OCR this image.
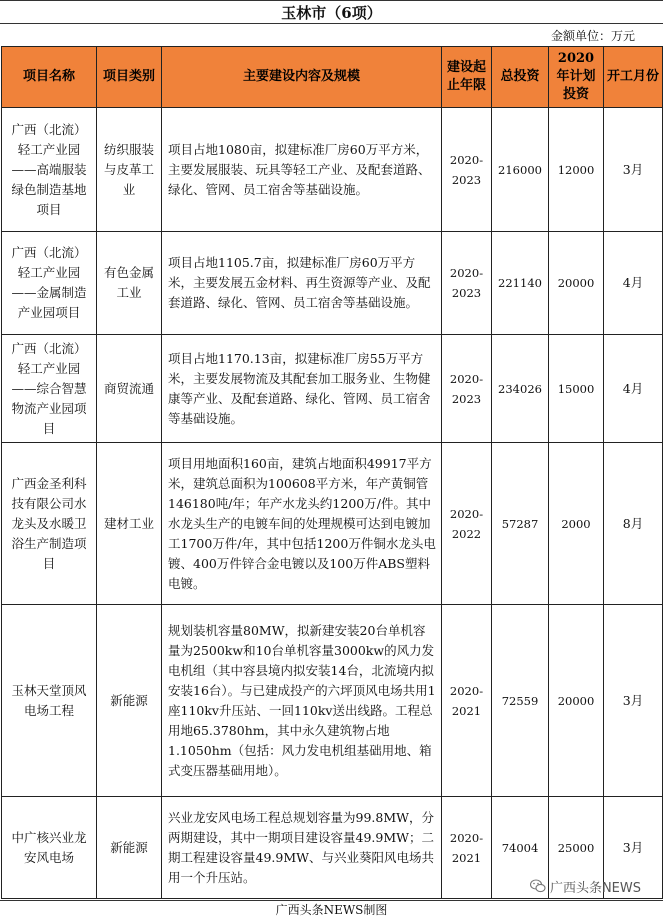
玉林市（6项）
金额单位：万元
项目名称	项目类别	主要建设内容及规模	建设起止年限	总投资	2020年计划投资	开工月份
广西（北流）轻工产业园——高端服装绿色制造基地项目	纺织服装与皮革工业	项目占地1080亩，拟建标准厂房60万平方米，主要发展服装、玩具等轻工产业、及配套道路、绿化、管网、员工宿舍等基础设施。	2020-2023	216000	12000	3月
广西（北流）轻工产业园——金属制造产业园项目	有色金属工业	项目占地1105.7亩，拟建标准厂房60万平方米，主要发展五金材料、再生资源等产业、及配套道路、绿化、管网、员工宿舍等基础设施。	2020-2023	221140	20000	4月
广西（北流）轻工产业园——综合智慧物流产业园项目	商贸流通	项目占地1170.13亩，拟建标准厂房55万平方米，主要发展物流及其配套加工服务业、生物健康等产业、及配套道路、绿化、管网、员工宿舍等基础设施。	2020-2023	234026	15000	4月
广西金圣利科技有限公司水龙头及水暖卫浴生产制造项目	建材工业	项目用地面积160亩，建筑占地面积49917平方米，建筑总面积为100608平方米，年产黄铜管146180吨/年；年产水龙头约1200万/件。其中水龙头生产的电镀车间的处理规模可达到电镀加工1700万件/年，其中包括1200万件铜水龙头电镀、400万件锌合金电镀以及100万件ABS塑料电镀。	2020-2022	57287	2000	8月
玉林天堂顶风电场工程	新能源	规划装机容量80MW，拟新建安装20台单机容量为2500kw和10台单机容量3000kw的风力发电机组（其中容县境内拟安装14台，北流境内拟安装16台）。与已建成投产的六坪顶风电场共用1座110kv升压站、一回110kv送出线路。工程总用地65.3780hm，其中永久建筑物占地1.1050hm（包括：风力发电机组基础用地、箱式变压器基础用地）。	2020-2021	72559	20000	3月
中广核兴业龙安风电场	新能源	兴业龙安风电场工程总规划容量为99.8MW，分两期建设，其中一期项目建设容量49.9MW；二期工程建设容量49.9MW、与兴业葵阳风电场共用一个升压站。	2020-2021	74004	25000	3月
广西头条NEWS
广西头条NEWS制图
